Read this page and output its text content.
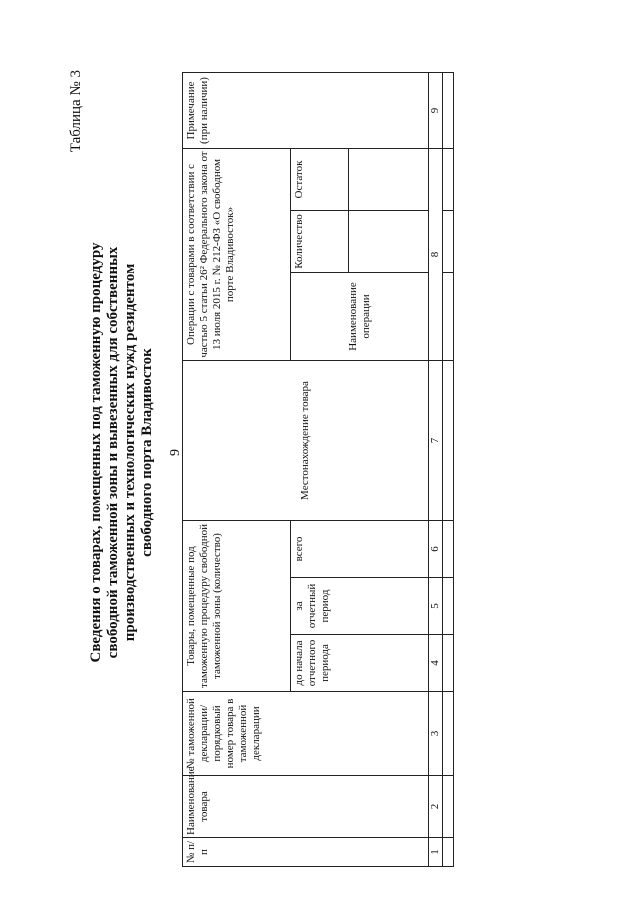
9
Таблица № 3
Сведения о товарах, помещенных под таможенную процедуру свободной таможенной зоны и вывезенных для собственных производственных и технологических нужд резидентом свободного порта Владивосток
№ п/п	Наименование товара	№ таможенной декларации/ порядковый номер товара в таможенной декларации	Товары, помещенные под таможенную процедуру свободной таможенной зоны (количество)			Местонахождение товара	Операции с товарами в соответствии с частью 5 статьи 26² Федерального закона от 13 июля 2015 г. № 212-ФЗ «О свободном порте Владивосток»			Примечание (при наличии)
			до начала отчетного периода	за отчетный период	всего		Наименование операции	Количество	Остаток	

1	2	3	4	5	6	7	8			9
